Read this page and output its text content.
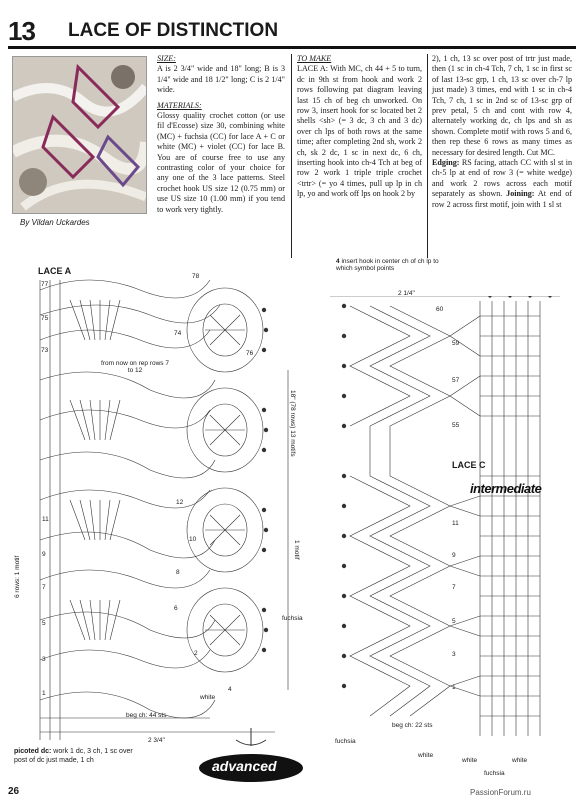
13 LACE OF DISTINCTION
By Vildan Uckardes

SIZE:

A is 2 3/4" wide and 18" long; B is 3 1/4" wide and 18 1/2" long; C is 2 1/4" wide.

MATERIALS:

Glossy quality crochet cotton (or use fil d'Ecosse) size 30, combining white (MC) + fuchsia (CC) for lace A + C or white (MC) + violet (CC) for lace B. You are of course free to use any contrasting color of your choice for any one of the 3 lace patterns. Steel crochet hook US size 12 (0.75 mm) or use US size 10 (1.00 mm) if you tend to work very tightly.

TO MAKE

LACE A: With MC, ch 44 + 5 to turn, dc in 9th st from hook and work 2 rows following pat diagram leaving last 15 ch of beg ch unworked. On row 3, insert hook for sc located bet 2 shells <sh> (= 3 dc, 3 ch and 3 dc) over ch lps of both rows at the same time; after completing 2nd sh, work 2 ch, sk 2 dc, 1 sc in next dc, 6 ch, inserting hook into ch-4 Tch at beg of row 2 work 1 triple triple crochet <trtr> (= yo 4 times, pull up lp in ch lp, yo and work off lps on hook 2 by

2), 1 ch, 13 sc over post of trtr just made, then (1 sc in ch-4 Tch, 7 ch, 1 sc in first sc of last 13-sc grp, 1 ch, 13 sc over ch-7 lp just made) 3 times, end with 1 sc in ch-4 Tch, 7 ch, 1 sc in 2nd sc of 13-sc grp of prev petal, 5 ch and cont with row 4, alternately working dc, ch lps and sh as shown. Complete motif with rows 5 and 6, then rep these 6 rows as many times as necessary for desired length. Cut MC.

Edging: RS facing, attach CC with sl st in ch-5 lp at end of row 3 (= white wedge) and work 2 rows across each motif separately as shown. Joining: At end of row 2 across first motif, join with 1 sl st

LACE A
77
75
73
78
74
76
from now on rep rows 7 to 12
11
9
7
5
3
1
12
10
8
6
4
2
18" (78 rows) 13 motifs
1 motif
6 rows: 1 motif
fuchsia
white
beg ch: 44 sts
2 3/4"
4 insert hook in center ch of ch lp to which symbol points
2 1/4"
60
59
57
55
LACE C
intermediate
11
9
7
5
3
1
beg ch: 22 sts
fuchsia
white
white	white
fuchsia
advanced
picoted dc: work 1 dc, 3 ch, 1 sc over post of dc just made, 1 ch
26	PassionForum.ru
